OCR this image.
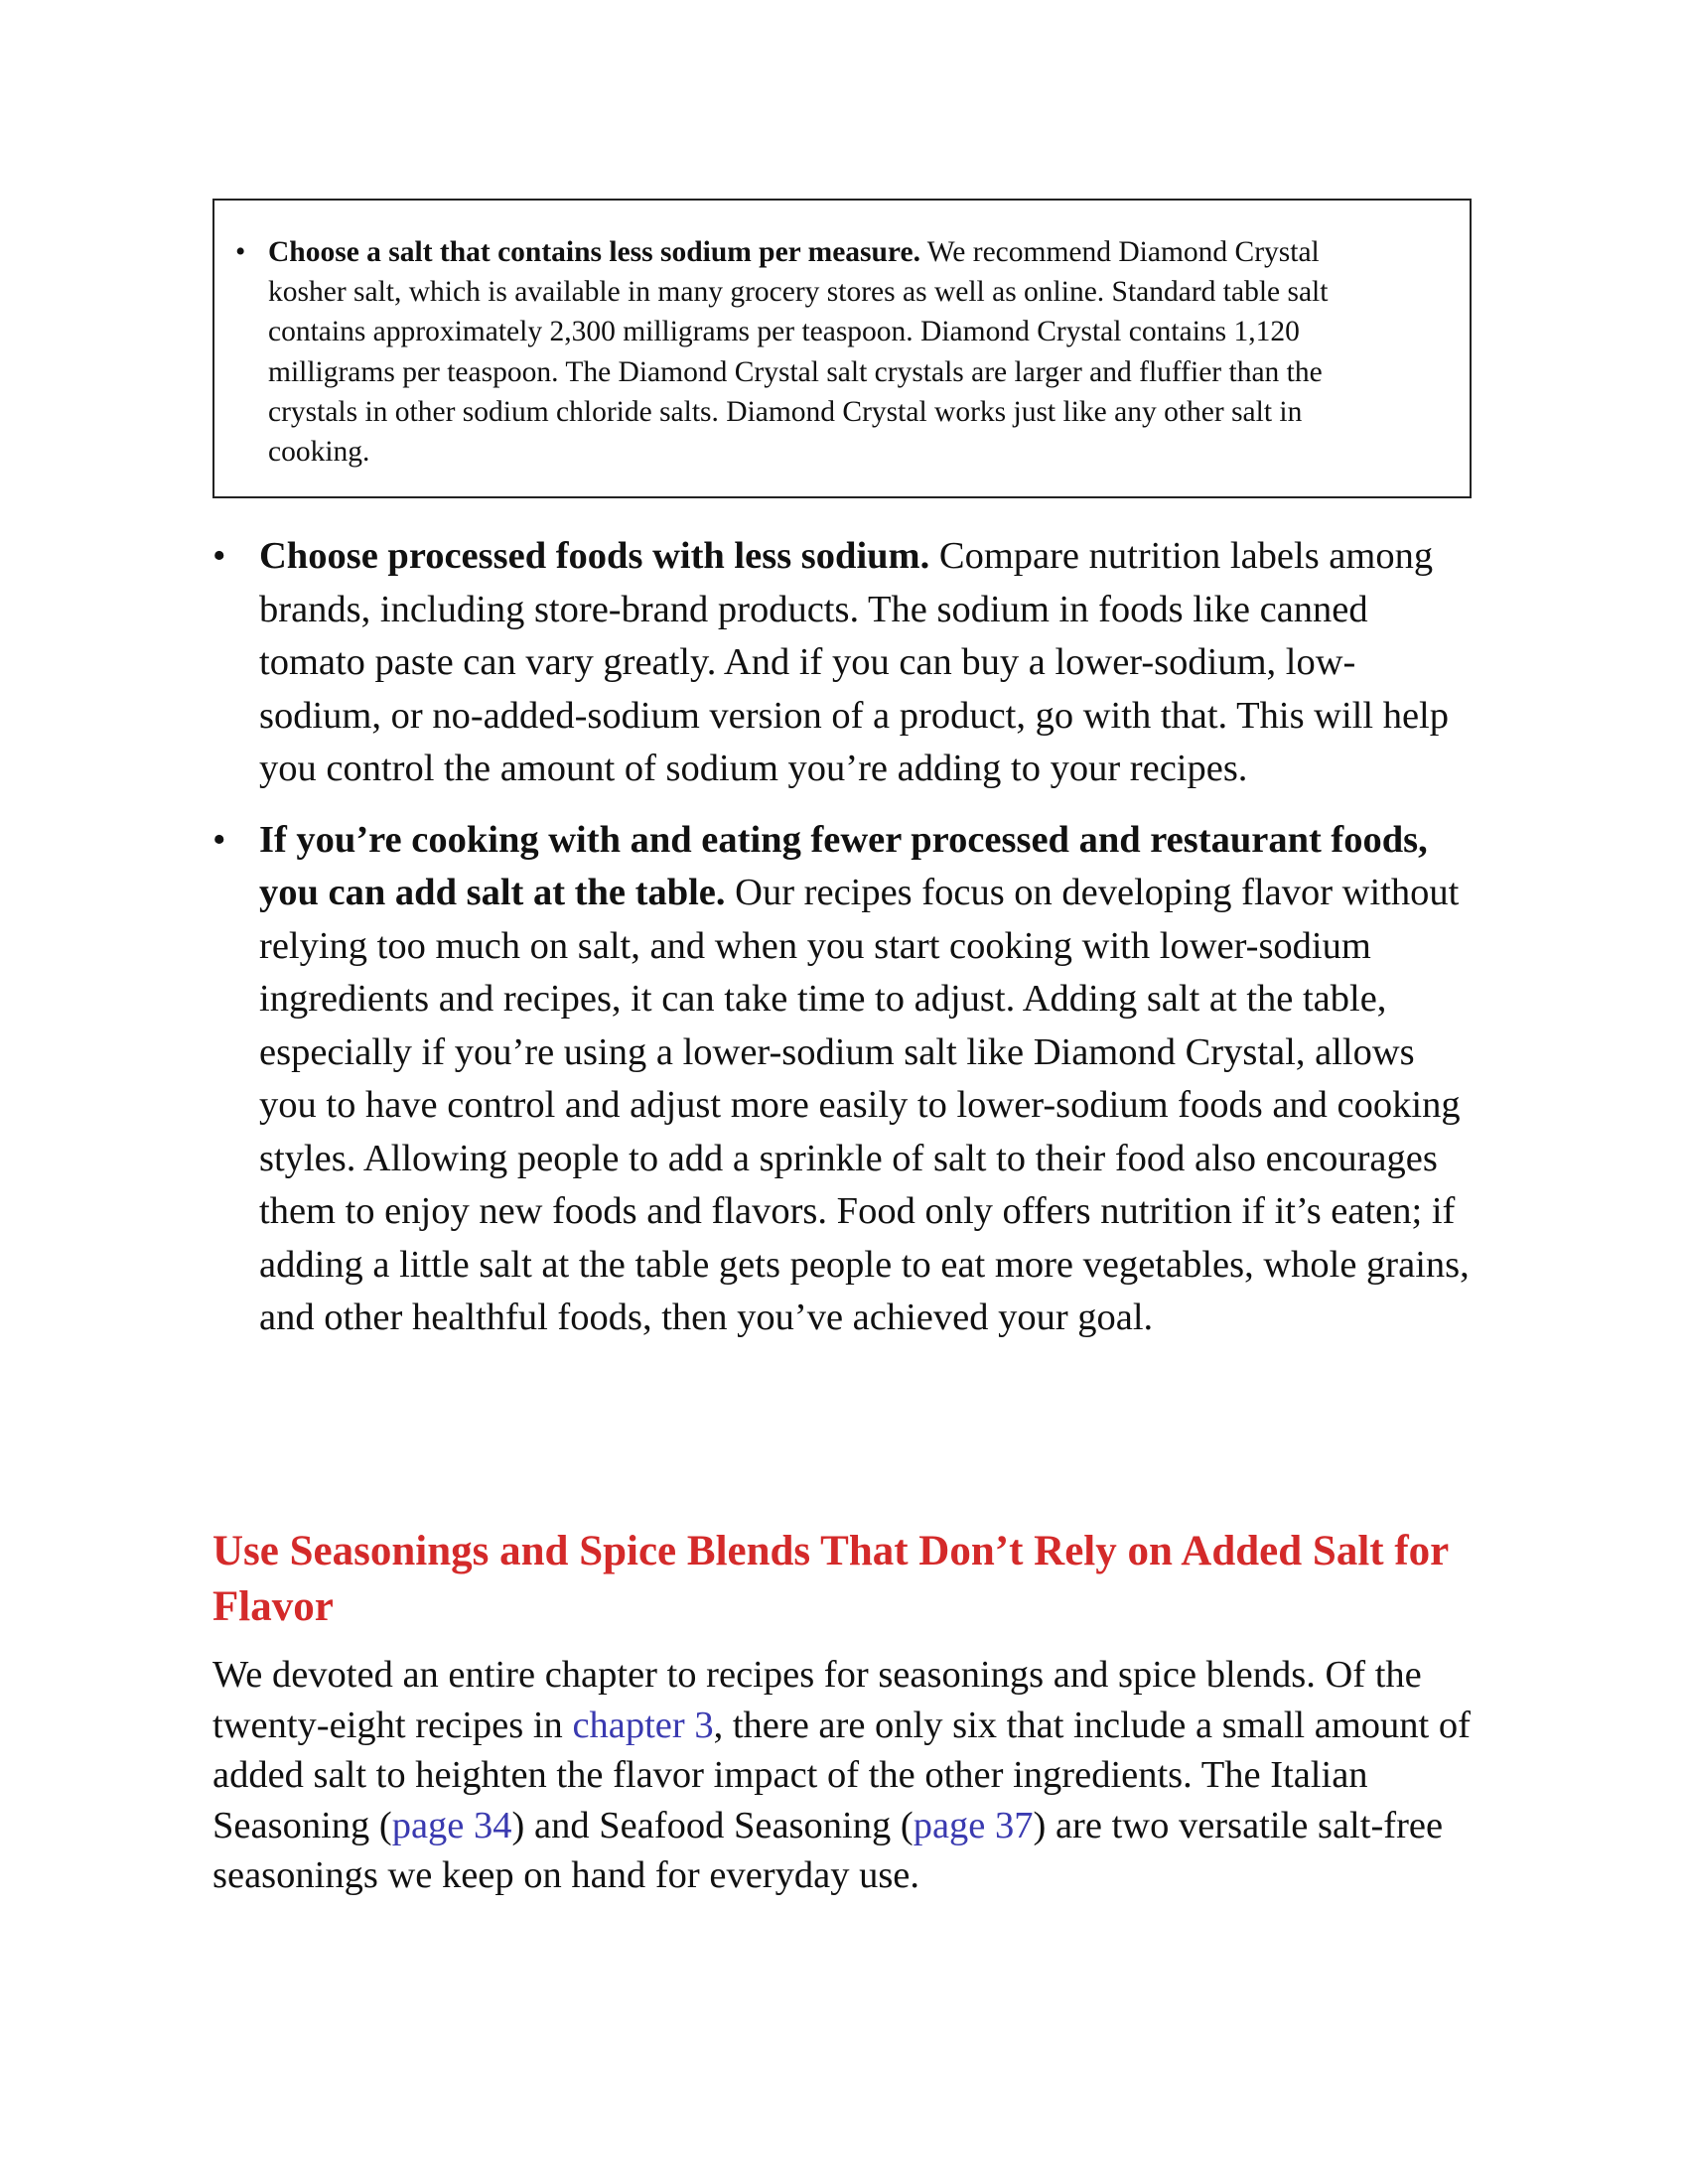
• Choose a salt that contains less sodium per measure. We recommend Diamond Crystal kosher salt, which is available in many grocery stores as well as online. Standard table salt contains approximately 2,300 milligrams per teaspoon. Diamond Crystal contains 1,120 milligrams per teaspoon. The Diamond Crystal salt crystals are larger and fluffier than the crystals in other sodium chloride salts. Diamond Crystal works just like any other salt in cooking.
• Choose processed foods with less sodium. Compare nutrition labels among brands, including store-brand products. The sodium in foods like canned tomato paste can vary greatly. And if you can buy a lower-sodium, low-sodium, or no-added-sodium version of a product, go with that. This will help you control the amount of sodium you’re adding to your recipes.
• If you’re cooking with and eating fewer processed and restaurant foods, you can add salt at the table. Our recipes focus on developing flavor without relying too much on salt, and when you start cooking with lower-sodium ingredients and recipes, it can take time to adjust. Adding salt at the table, especially if you’re using a lower-sodium salt like Diamond Crystal, allows you to have control and adjust more easily to lower-sodium foods and cooking styles. Allowing people to add a sprinkle of salt to their food also encourages them to enjoy new foods and flavors. Food only offers nutrition if it’s eaten; if adding a little salt at the table gets people to eat more vegetables, whole grains, and other healthful foods, then you’ve achieved your goal.
Use Seasonings and Spice Blends That Don’t Rely on Added Salt for Flavor

We devoted an entire chapter to recipes for seasonings and spice blends. Of the twenty-eight recipes in chapter 3, there are only six that include a small amount of added salt to heighten the flavor impact of the other ingredients. The Italian Seasoning (page 34) and Seafood Seasoning (page 37) are two versatile salt-free seasonings we keep on hand for everyday use.
